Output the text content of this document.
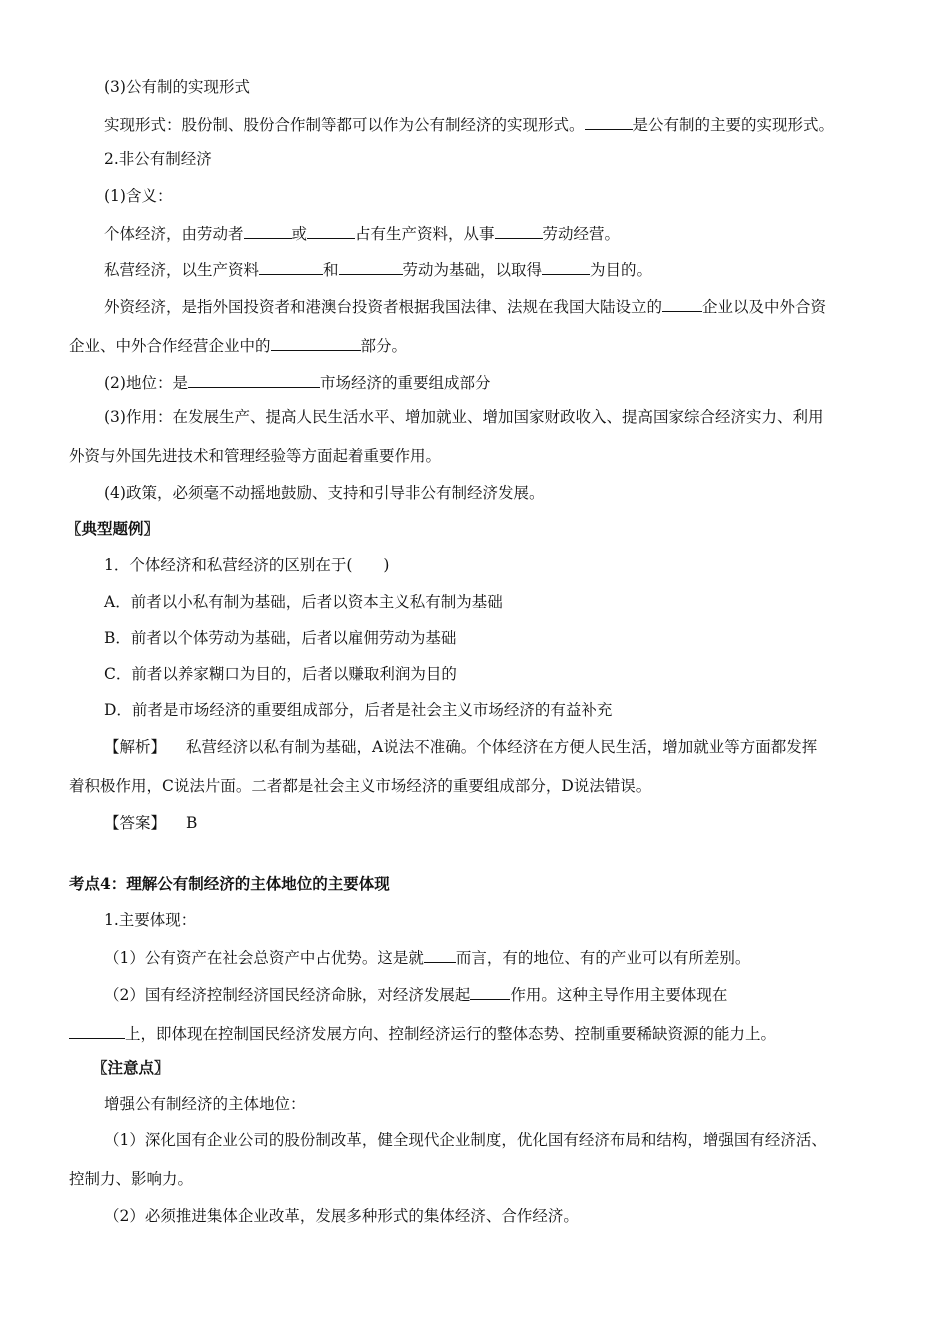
(3)公有制的实现形式
实现形式：股份制、股份合作制等都可以作为公有制经济的实现形式。	是公有制的主要的实现形式。
2.非公有制经济
(1)含义：
个体经济，由劳动者	或	占有生产资料，从事	劳动经营。
私营经济，以生产资料	和	劳动为基础，以取得	为目的。
外资经济，是指外国投资者和港澳台投资者根据我国法律、法规在我国大陆设立的	企业以及中外合资
企业、中外合作经营企业中的	部分。
(2)地位：是	市场经济的重要组成部分
(3)作用：在发展生产、提高人民生活水平、增加就业、增加国家财政收入、提高国家综合经济实力、利用
外资与外国先进技术和管理经验等方面起着重要作用。
(4)政策，必须毫不动摇地鼓励、支持和引导非公有制经济发展。
〖典型题例〗
1．个体经济和私营经济的区别在于(　　)
A．前者以小私有制为基础，后者以资本主义私有制为基础
B．前者以个体劳动为基础，后者以雇佣劳动为基础
C．前者以养家糊口为目的，后者以赚取利润为目的
D．前者是市场经济的重要组成部分，后者是社会主义市场经济的有益补充
【解析】 私营经济以私有制为基础，A说法不准确。个体经济在方便人民生活，增加就业等方面都发挥
着积极作用，C说法片面。二者都是社会主义市场经济的重要组成部分，D说法错误。
【答案】 B
考点4：理解公有制经济的主体地位的主要体现
1.主要体现：
（1）公有资产在社会总资产中占优势。这是就 而言，有的地位、有的产业可以有所差别。
（2）国有经济控制经济国民经济命脉，对经济发展起	作用。这种主导作用主要体现在
上，即体现在控制国民经济发展方向、控制经济运行的整体态势、控制重要稀缺资源的能力上。
〖注意点〗
增强公有制经济的主体地位：
（1）深化国有企业公司的股份制改革，健全现代企业制度，优化国有经济布局和结构，增强国有经济活、
控制力、影响力。
（2）必须推进集体企业改革，发展多种形式的集体经济、合作经济。
